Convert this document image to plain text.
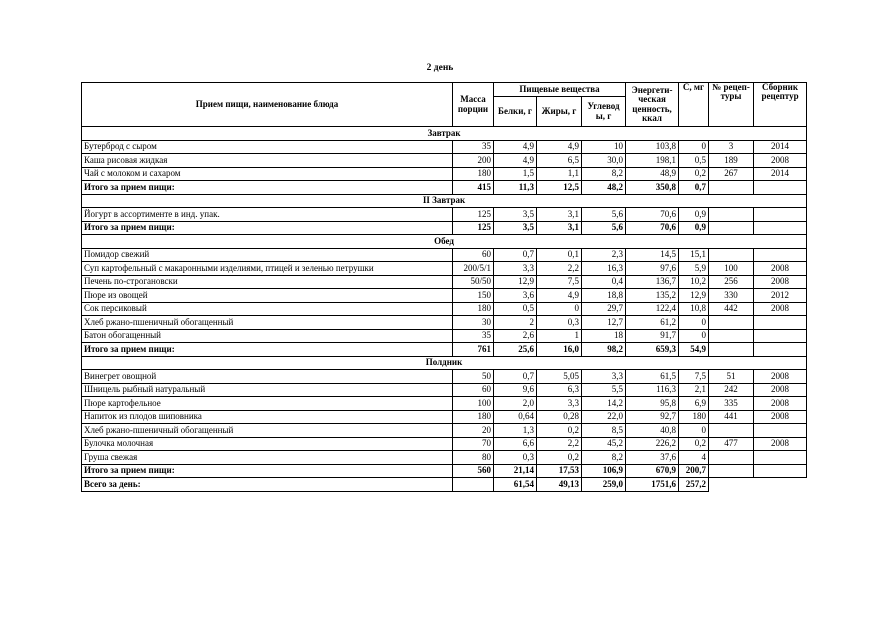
2 день
Прием пищи, наименование блюда	Масса порции	Пищевые вещества			Энергети- ческая ценность, ккал	С, мг	№ рецеп- туры	Сборник рецептур
		Белки, г	Жиры, г	Углевод ы, г				
Завтрак								
Бутерброд с сыром	35	4,9	4,9	10	103,8	0	3	2014
Каша рисовая жидкая	200	4,9	6,5	30,0	198,1	0,5	189	2008
Чай с молоком и сахаром	180	1,5	1,1	8,2	48,9	0,2	267	2014
Итого за прием пищи:	415	11,3	12,5	48,2	350,8	0,7		
II Завтрак								
Йогурт в ассортименте в инд. упак.	125	3,5	3,1	5,6	70,6	0,9		
Итого за прием пищи:	125	3,5	3,1	5,6	70,6	0,9		
Обед								
Помидор свежий	60	0,7	0,1	2,3	14,5	15,1		
Суп картофельный с макаронными изделиями, птицей и зеленью петрушки	200/5/1	3,3	2,2	16,3	97,6	5,9	100	2008
Печень по-строгановски	50/50	12,9	7,5	0,4	136,7	10,2	256	2008
Пюре из овощей	150	3,6	4,9	18,8	135,2	12,9	330	2012
Сок персиковый	180	0,5	0	29,7	122,4	10,8	442	2008
Хлеб ржано-пшеничный обогащенный	30	2	0,3	12,7	61,2	0		
Батон обогащенный	35	2,6	1	18	91,7	0		
Итого за прием пищи:	761	25,6	16,0	98,2	659,3	54,9		
Полдник								
Винегрет овощной	50	0,7	5,05	3,3	61,5	7,5	51	2008
Шницель рыбный натуральный	60	9,6	6,3	5,5	116,3	2,1	242	2008
Пюре картофельное	100	2,0	3,3	14,2	95,8	6,9	335	2008
Напиток из плодов шиповника	180	0,64	0,28	22,0	92,7	180	441	2008
Хлеб ржано-пшеничный обогащенный	20	1,3	0,2	8,5	40,8	0		
Булочка молочная	70	6,6	2,2	45,2	226,2	0,2	477	2008
Груша свежая	80	0,3	0,2	8,2	37,6	4		
Итого за прием пищи:	560	21,14	17,53	106,9	670,9	200,7		
Всего за день:		61,54	49,13	259,0	1751,6	257,2		
